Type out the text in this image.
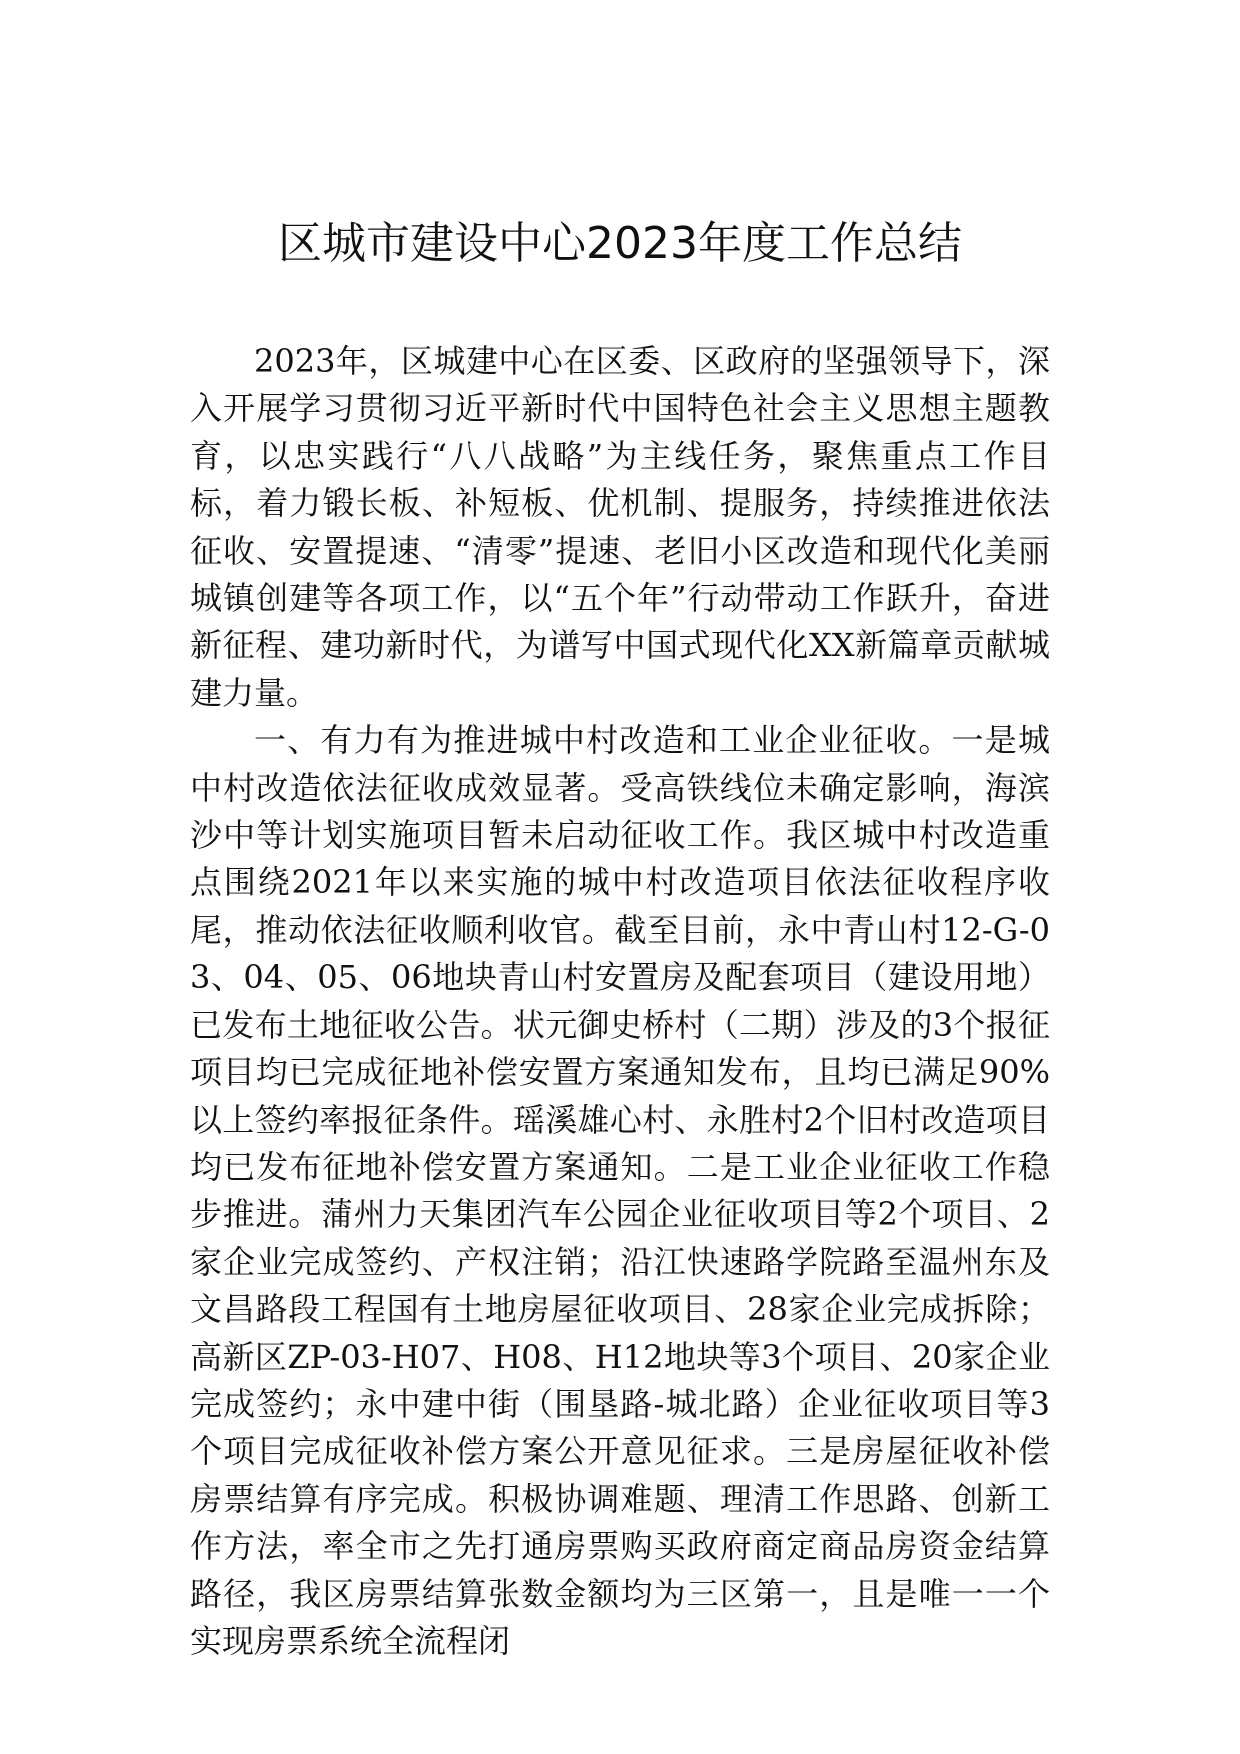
区城市建设中心2023年度工作总结

2023年，区城建中心在区委、区政府的坚强领导下，深入开展学习贯彻习近平新时代中国特色社会主义思想主题教育，以忠实践行“八八战略”为主线任务，聚焦重点工作目标，着力锻长板、补短板、优机制、提服务，持续推进依法征收、安置提速、“清零”提速、老旧小区改造和现代化美丽城镇创建等各项工作，以“五个年”行动带动工作跃升，奋进新征程、建功新时代，为谱写中国式现代化XX新篇章贡献城建力量。

一、有力有为推进城中村改造和工业企业征收。一是城中村改造依法征收成效显著。受高铁线位未确定影响，海滨沙中等计划实施项目暂未启动征收工作。我区城中村改造重点围绕2021年以来实施的城中村改造项目依法征收程序收尾，推动依法征收顺利收官。截至目前，永中青山村12-G-03、04、05、06地块青山村安置房及配套项目（建设用地）已发布土地征收公告。状元御史桥村（二期）涉及的3个报征项目均已完成征地补偿安置方案通知发布，且均已满足90%以上签约率报征条件。瑶溪雄心村、永胜村2个旧村改造项目均已发布征地补偿安置方案通知。二是工业企业征收工作稳步推进。蒲州力天集团汽车公园企业征收项目等2个项目、2家企业完成签约、产权注销；沿江快速路学院路至温州东及文昌路段工程国有土地房屋征收项目、28家企业完成拆除；高新区ZP-03-H07、H08、H12地块等3个项目、20家企业完成签约；永中建中街（围垦路-城北路）企业征收项目等3个项目完成征收补偿方案公开意见征求。三是房屋征收补偿房票结算有序完成。积极协调难题、理清工作思路、创新工作方法，率全市之先打通房票购买政府商定商品房资金结算路径，我区房票结算张数金额均为三区第一，且是唯一一个实现房票系统全流程闭
